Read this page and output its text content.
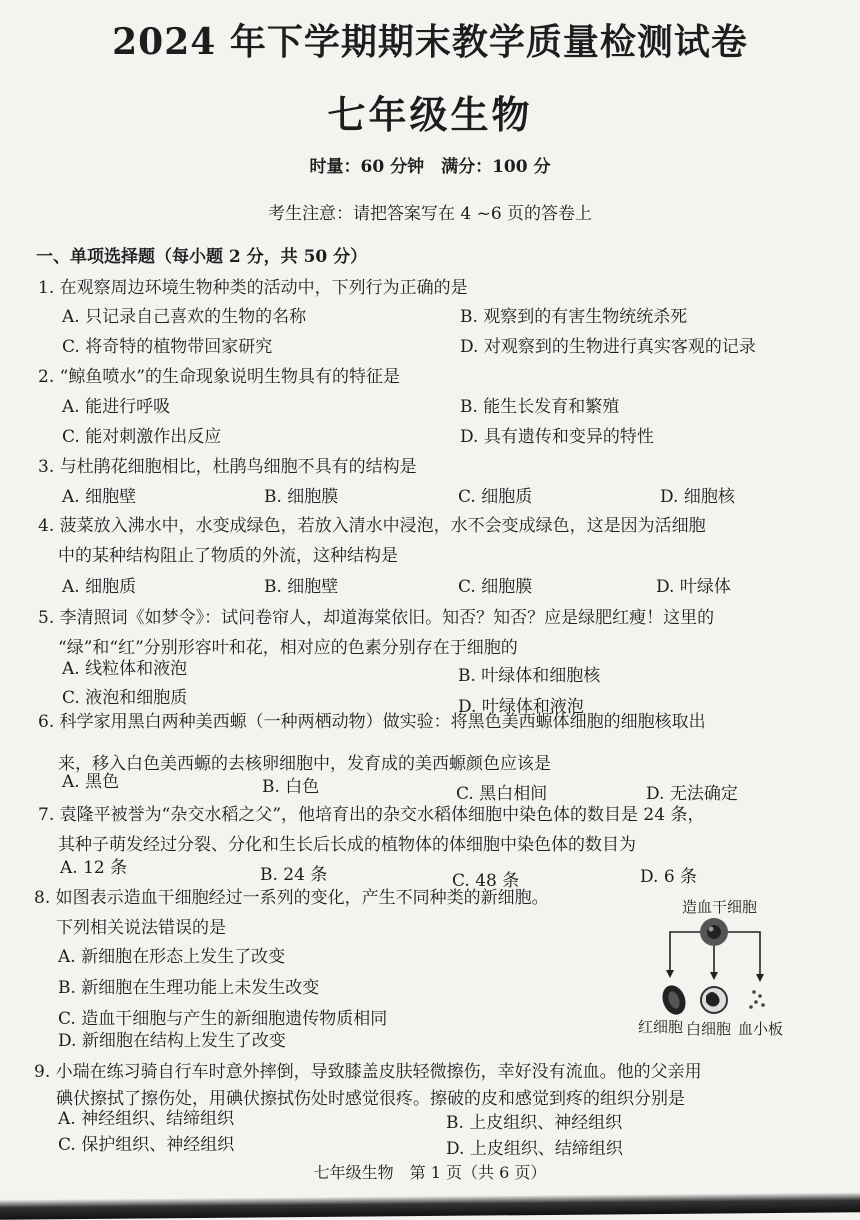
2024 年下学期期末教学质量检测试卷
七年级生物
时量：60 分钟　满分：100 分
考生注意：请把答案写在 4 ~6 页的答卷上
一、单项选择题（每小题 2 分，共 50 分）
1. 在观察周边环境生物种类的活动中，下列行为正确的是
A. 只记录自己喜欢的生物的名称	B. 观察到的有害生物统统杀死
C. 将奇特的植物带回家研究	D. 对观察到的生物进行真实客观的记录
2. “鲸鱼喷水”的生命现象说明生物具有的特征是
A. 能进行呼吸	B. 能生长发育和繁殖
C. 能对刺激作出反应	D. 具有遗传和变异的特性
3. 与杜鹃花细胞相比，杜鹃鸟细胞不具有的结构是
A. 细胞壁	B. 细胞膜	C. 细胞质	D. 细胞核
4. 菠菜放入沸水中，水变成绿色，若放入清水中浸泡，水不会变成绿色，这是因为活细胞
中的某种结构阻止了物质的外流，这种结构是
A. 细胞质	B. 细胞壁	C. 细胞膜	D. 叶绿体
5. 李清照词《如梦令》：试问卷帘人，却道海棠依旧。知否？知否？应是绿肥红瘦！这里的
“绿”和“红”分别形容叶和花，相对应的色素分别存在于细胞的
A. 线粒体和液泡	B. 叶绿体和细胞核
C. 液泡和细胞质	D. 叶绿体和液泡
6. 科学家用黑白两种美西螈（一种两栖动物）做实验：将黑色美西螈体细胞的细胞核取出
来，移入白色美西螈的去核卵细胞中，发育成的美西螈颜色应该是
A. 黑色	B. 白色	C. 黑白相间	D. 无法确定
7. 袁隆平被誉为“杂交水稻之父”，他培育出的杂交水稻体细胞中染色体的数目是 24 条，
其种子萌发经过分裂、分化和生长后长成的植物体的体细胞中染色体的数目为
A. 12 条	B. 24 条	C. 48 条	D. 6 条
8. 如图表示造血干细胞经过一系列的变化，产生不同种类的新细胞。
下列相关说法错误的是
A. 新细胞在形态上发生了改变
B. 新细胞在生理功能上未发生改变
C. 造血干细胞与产生的新细胞遗传物质相同
D. 新细胞在结构上发生了改变
造血干细胞
红细胞 白细胞 血小板
9. 小瑞在练习骑自行车时意外摔倒，导致膝盖皮肤轻微擦伤，幸好没有流血。他的父亲用
碘伏擦拭了擦伤处，用碘伏擦拭伤处时感觉很疼。擦破的皮和感觉到疼的组织分别是
A. 神经组织、结缔组织	B. 上皮组织、神经组织
C. 保护组织、神经组织	D. 上皮组织、结缔组织
七年级生物　第 1 页（共 6 页）
